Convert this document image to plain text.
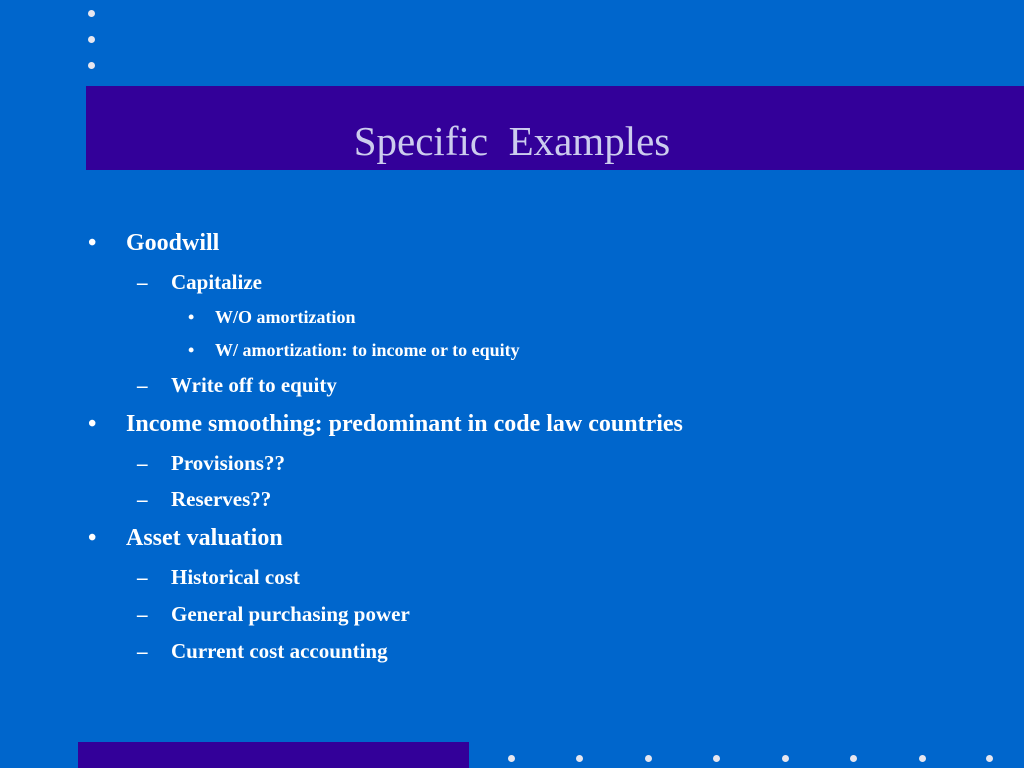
Specific  Examples
• Goodwill
– Capitalize
• W/O amortization
• W/ amortization: to income or to equity
– Write off to equity
• Income smoothing: predominant in code law countries
– Provisions??
– Reserves??
• Asset valuation
– Historical cost
– General purchasing power
– Current cost accounting
